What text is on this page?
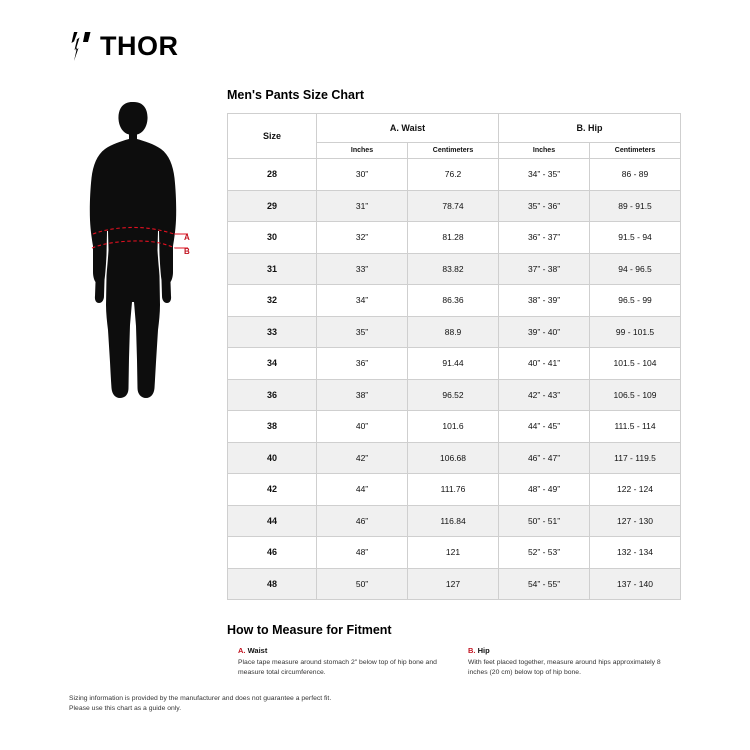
THOR
A
B
Men's Pants Size Chart
Size	A. Waist		B. Hip	
	Inches	Centimeters	Inches	Centimeters
28	30”	76.2	34” - 35”	86 - 89
29	31”	78.74	35” - 36”	89 - 91.5
30	32”	81.28	36” - 37”	91.5 - 94
31	33”	83.82	37” - 38”	94 - 96.5
32	34”	86.36	38” - 39”	96.5 - 99
33	35”	88.9	39” - 40”	99 - 101.5
34	36”	91.44	40” - 41”	101.5 - 104
36	38”	96.52	42” - 43”	106.5 - 109
38	40”	101.6	44” - 45”	111.5 - 114
40	42”	106.68	46” - 47”	117 - 119.5
42	44”	111.76	48” - 49”	122 - 124
44	46”	116.84	50” - 51”	127 - 130
46	48”	121	52” - 53”	132 - 134
48	50”	127	54” - 55”	137 - 140
How to Measure for Fitment
A. Waist
Place tape measure around stomach 2" below top of hip bone and measure total circumference.
B. Hip
With feet placed together, measure around hips approximately 8 inches (20 cm) below top of hip bone.
Sizing information is provided by the manufacturer and does not guarantee a perfect fit.
Please use this chart as a guide only.
